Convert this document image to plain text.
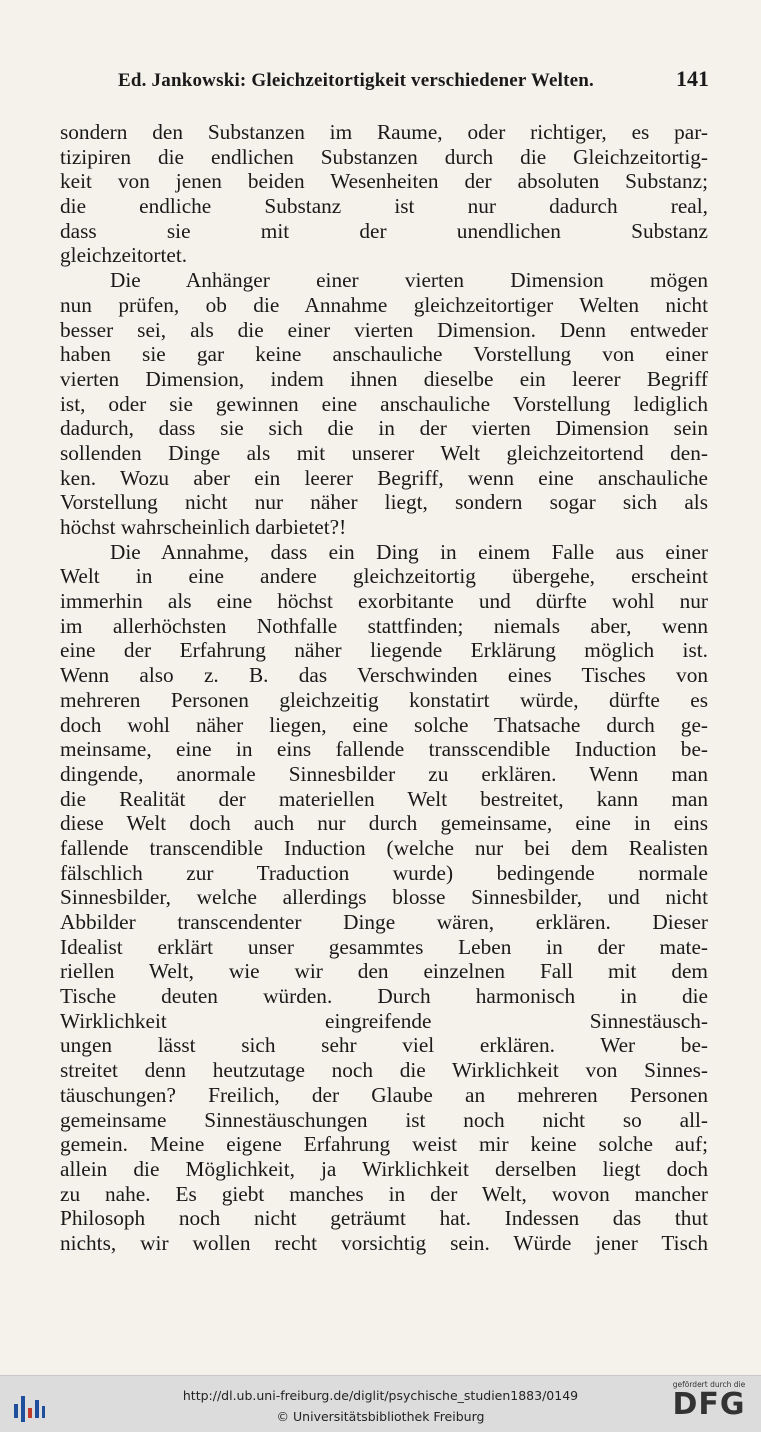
Ed. Jankowski: Gleichzeitortigkeit verschiedener Welten.	141
sondern den Substanzen im Raume, oder richtiger, es par-
tizipiren die endlichen Substanzen durch die Gleichzeitortig-
keit von jenen beiden Wesenheiten der absoluten Substanz;
die endliche Substanz ist nur dadurch real,
dass sie mit der unendlichen Substanz
gleichzeitortet.
Die Anhänger einer vierten Dimension mögen
nun prüfen, ob die Annahme gleichzeitortiger Welten nicht
besser sei, als die einer vierten Dimension. Denn entweder
haben sie gar keine anschauliche Vorstellung von einer
vierten Dimension, indem ihnen dieselbe ein leerer Begriff
ist, oder sie gewinnen eine anschauliche Vorstellung lediglich
dadurch, dass sie sich die in der vierten Dimension sein
sollenden Dinge als mit unserer Welt gleichzeitortend den-
ken. Wozu aber ein leerer Begriff, wenn eine anschauliche
Vorstellung nicht nur näher liegt, sondern sogar sich als
höchst wahrscheinlich darbietet?!
Die Annahme, dass ein Ding in einem Falle aus einer
Welt in eine andere gleichzeitortig übergehe, erscheint
immerhin als eine höchst exorbitante und dürfte wohl nur
im allerhöchsten Nothfalle stattfinden; niemals aber, wenn
eine der Erfahrung näher liegende Erklärung möglich ist.
Wenn also z. B. das Verschwinden eines Tisches von
mehreren Personen gleichzeitig konstatirt würde, dürfte es
doch wohl näher liegen, eine solche Thatsache durch ge-
meinsame, eine in eins fallende transscendible Induction be-
dingende, anormale Sinnesbilder zu erklären. Wenn man
die Realität der materiellen Welt bestreitet, kann man
diese Welt doch auch nur durch gemeinsame, eine in eins
fallende transcendible Induction (welche nur bei dem Realisten
fälschlich zur Traduction wurde) bedingende normale
Sinnesbilder, welche allerdings blosse Sinnesbilder, und nicht
Abbilder transcendenter Dinge wären, erklären. Dieser
Idealist erklärt unser gesammtes Leben in der mate-
riellen Welt, wie wir den einzelnen Fall mit dem
Tische deuten würden. Durch harmonisch in die
Wirklichkeit eingreifende Sinnestäusch-
ungen lässt sich sehr viel erklären. Wer be-
streitet denn heutzutage noch die Wirklichkeit von Sinnes-
täuschungen? Freilich, der Glaube an mehreren Personen
gemeinsame Sinnestäuschungen ist noch nicht so all-
gemein. Meine eigene Erfahrung weist mir keine solche auf;
allein die Möglichkeit, ja Wirklichkeit derselben liegt doch
zu nahe. Es giebt manches in der Welt, wovon mancher
Philosoph noch nicht geträumt hat. Indessen das thut
nichts, wir wollen recht vorsichtig sein. Würde jener Tisch
http://dl.ub.uni-freiburg.de/diglit/psychische_studien1883/0149
© Universitätsbibliothek Freiburg
gefördert durch die
DFG
